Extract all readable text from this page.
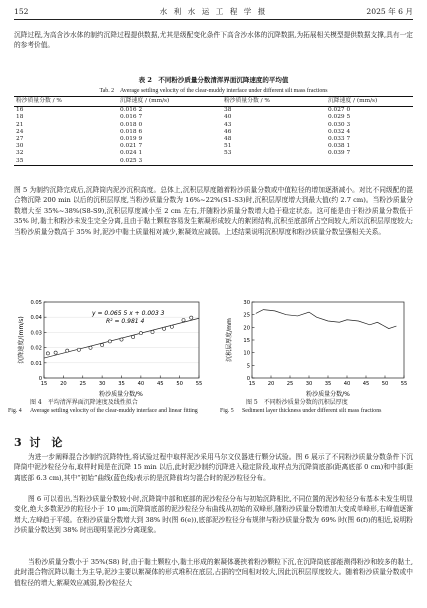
152	水 利 水 运 工 程 学 报	2025 年 6 月

沉降过程,为高含沙水体的制约沉降过程提供数据,尤其是级配变化条件下高含沙水体的沉降数据,为拓展相关模型提供数据支撑,具有一定的参考价值。

表 2　不同粉沙质量分数清浑界面沉降速度的平均值

Tab. 2　Average settling velocity of the clear-muddy interface under different silt mass fractions

粉沙质量分数 / %	沉降速度 / (mm/s)	粉沙质量分数 / %	沉降速度 / (mm/s)
16	0.016 2	38	0.027 0
18	0.016 7	40	0.029 5
21	0.018 0	43	0.030 3
24	0.018 6	46	0.032 4
27	0.019 9	48	0.033 7
30	0.021 7	51	0.038 1
32	0.024 1	53	0.039 7
35	0.025 3		

图 5 为制约沉降完成后,沉降筒内泥沙沉积高度。总体上,沉积层厚度随着粉沙质量分数或中值粒径的增加逐渐减小。对比不同级配的混合物沉降 200 min 以后的沉积层厚度,当粉沙质量分数为 16%~22%(S1-S3)时,沉积层厚度增大到最大值(约 2.7 cm)。当粉沙质量分数增大至 35%~38%(S8-S9),沉积层厚度减小至 2 cm 左右,并随粉沙质量分数增大趋于稳定状态。这可能是由于粉沙质量分数低于 35% 时,黏土和粉沙未发生完全分离,且由于黏土颗粒容易发生絮凝形成较大的絮团结构,沉积至底部所占空间较大,所以沉积层厚度较大;当粉沙质量分数高于 35% 时,泥沙中黏土质量相对减少,絮凝效应减弱。上述结果说明沉积厚度和粉沙质量分数呈强相关关系。

0
0.01
0.02
0.03
0.04
0.05
15 20 25 30 35 40 45 50 55
y = 0.065 5 x + 0.003 3
R² = 0.981 4
沉降速度/(mm/s)
粉沙质量分数/%
0
5
10
15
20
25
30
15 20 25 30 35 40 45 50 55
沉积层厚度/mm
粉沙质量分数/%

图 4　平均清浑界面沉降速度及线性拟合	图 5　不同粉沙质量分数的沉积层厚度

Fig. 4 Average settling velocity of the clear-muddy interface and linear fitting	Fig. 5 Sediment layer thickness under different silt mass fractions
3 讨　论

为进一步阐释混合沙制约沉降特性,将试验过程中取样泥沙采用马尔文仪器进行颗分试验。图 6 展示了不同粉沙质量分数条件下沉降筒中泥沙粒径分布,取样时间是在沉降 15 min 以后,此时泥沙制约沉降进入稳定阶段,取样点为沉降筒底部(距离底部 0 cm)和中部(距离底部 6.3 cm),其中“初始”曲线(蓝色线)表示的是沉降前均匀混合时的泥沙粒径分布。

图 6 可以看出,当粉沙质量分数较小时,沉降筒中部和底部的泥沙粒径分布与初始沉降相比,不同位置的泥沙粒径分布基本未发生明显变化,绝大多数泥沙的粒径小于 10 μm;沉降筒底部的泥沙粒径分布曲线从初始的双峰形,随粉沙质量分数增加大变成单峰形,右峰值逐渐增大,左峰趋于平缓。在粉沙质量分数增大到 38% 时(图 6(e)),底部泥沙粒径分布规律与粉沙质量分数为 69% 时(图 6(f))的相近,说明粉沙质量分数达到 38% 时出现明显泥沙分离现象。

当粉沙质量分数小于 35%(S8) 时,由于黏土颗粒小,黏土形成的絮凝体裹挟着粉沙颗粒下沉,在沉降筒底部能测得粉沙和较多的黏土,此时混合物沉降以黏土为主导,泥沙主要以絮凝体的形式堆积在底层,占据的空间相对较大,因此沉积层厚度较大。随着粉沙质量分数或中值粒径的增大,絮凝效应减弱,粉沙粒径大
